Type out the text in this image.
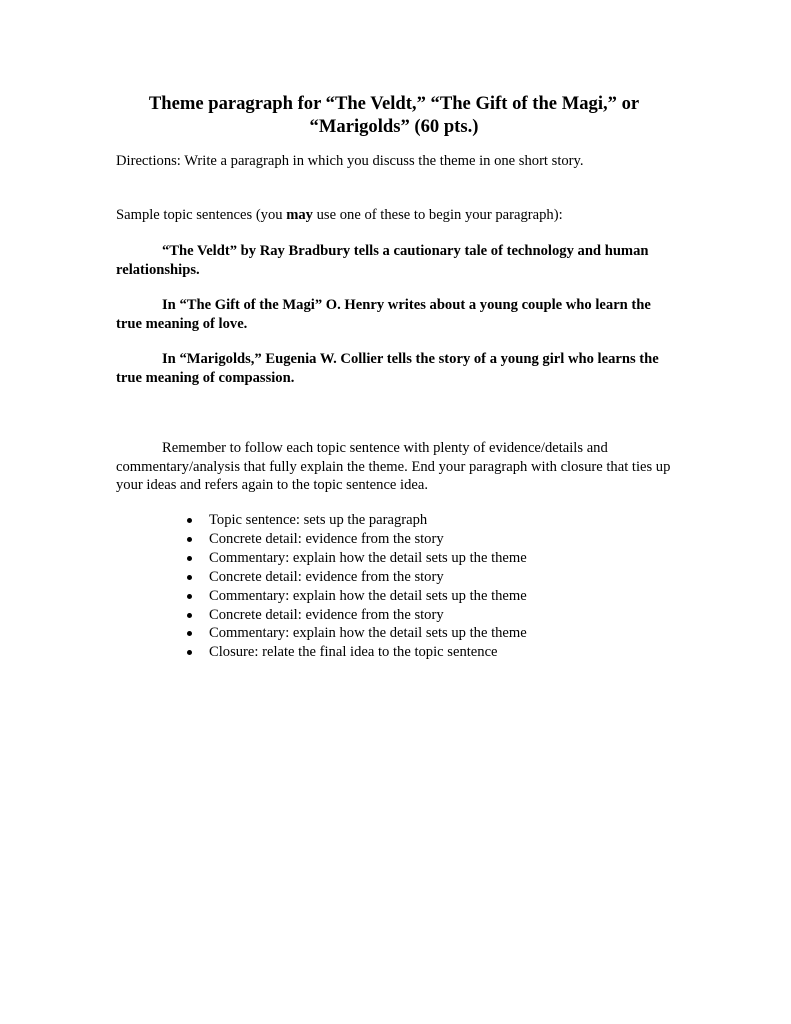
Theme paragraph for “The Veldt,” “The Gift of the Magi,” or
“Marigolds” (60 pts.)
Directions: Write a paragraph in which you discuss the theme in one short story.
Sample topic sentences (you may use one of these to begin your paragraph):
“The Veldt” by Ray Bradbury tells a cautionary tale of technology and human relationships.
In “The Gift of the Magi” O. Henry writes about a young couple who learn the true meaning of love.
In “Marigolds,” Eugenia W. Collier tells the story of a young girl who learns the true meaning of compassion.
Remember to follow each topic sentence with plenty of evidence/details and commentary/analysis that fully explain the theme. End your paragraph with closure that ties up your ideas and refers again to the topic sentence idea.
Topic sentence: sets up the paragraph
Concrete detail: evidence from the story
Commentary: explain how the detail sets up the theme
Concrete detail: evidence from the story
Commentary: explain how the detail sets up the theme
Concrete detail: evidence from the story
Commentary: explain how the detail sets up the theme
Closure: relate the final idea to the topic sentence
